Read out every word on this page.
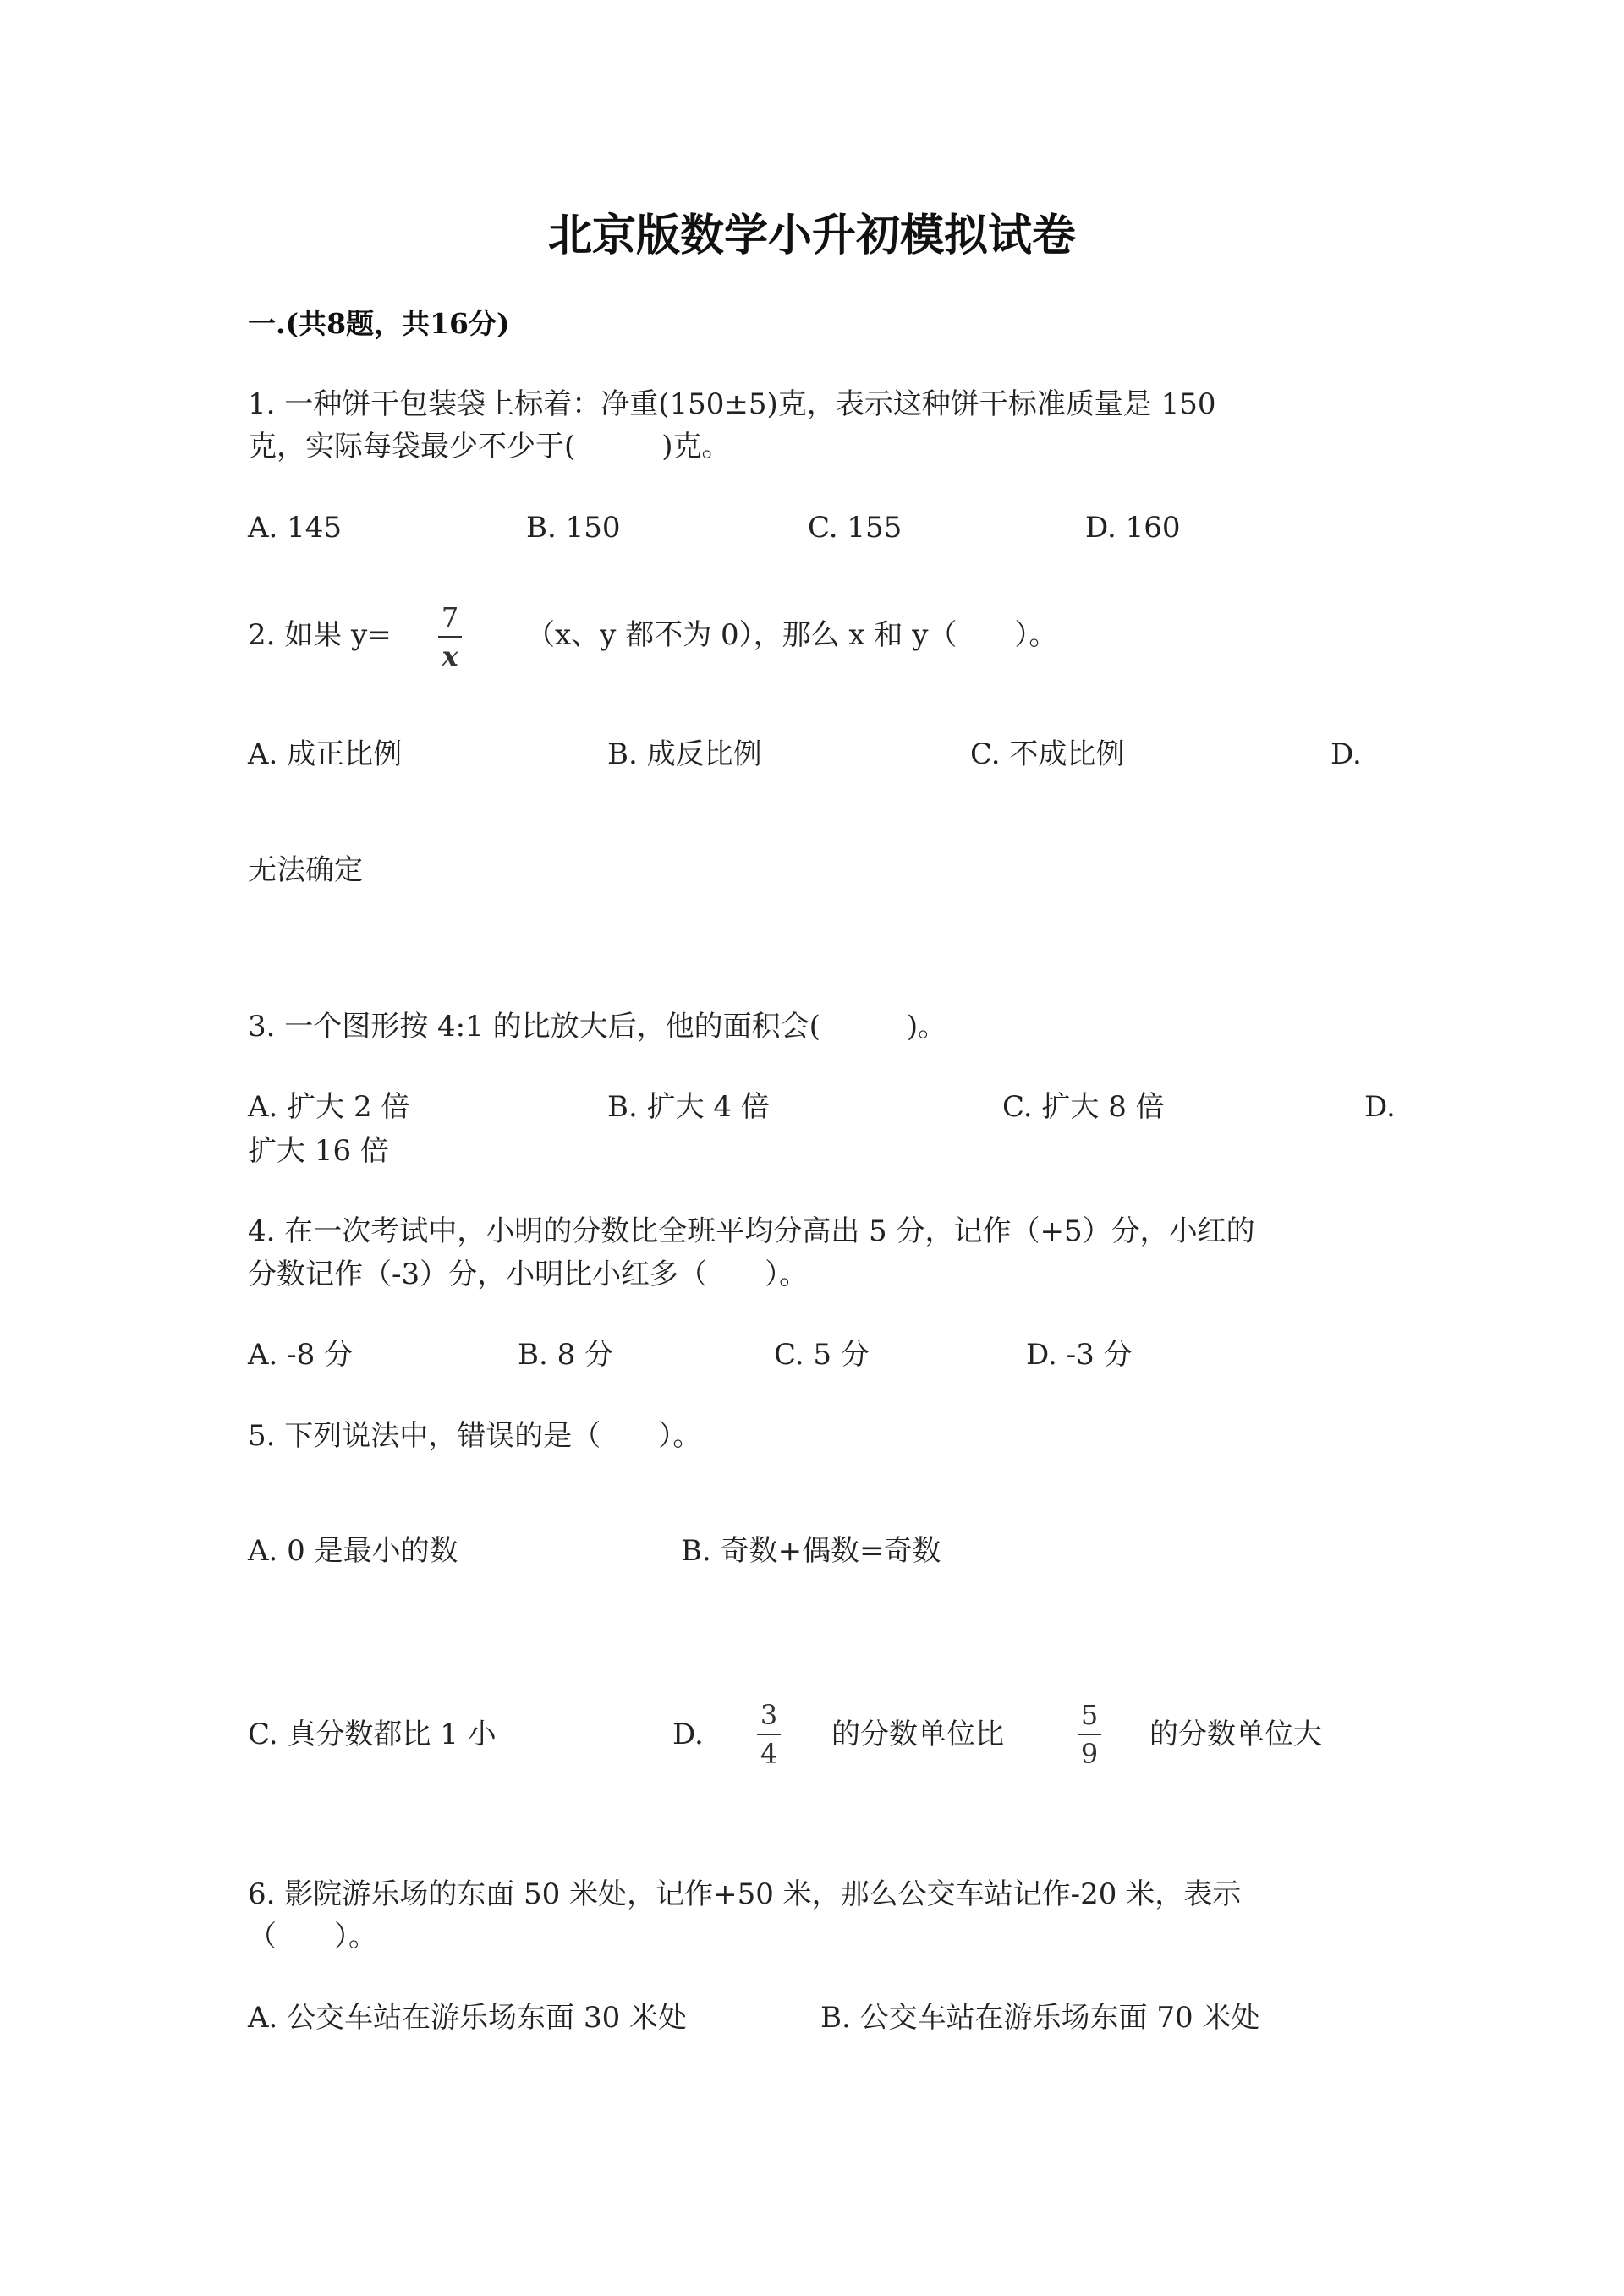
北京版数学小升初模拟试卷
一.(共8题，共16分)
1. 一种饼干包装袋上标着：净重(150±5)克，表示这种饼干标准质量是 150
克，实际每袋最少不少于(　　　)克。
A. 145	B. 150	C. 155	D. 160
2. 如果 y=
7
x
（x、y 都不为 0），那么 x 和 y（　　）。
A. 成正比例	B. 成反比例	C. 不成比例	D.
无法确定
3. 一个图形按 4:1 的比放大后，他的面积会(　　　)。
A. 扩大 2 倍	B. 扩大 4 倍	C. 扩大 8 倍	D.
扩大 16 倍
4. 在一次考试中，小明的分数比全班平均分高出 5 分，记作（+5）分，小红的
分数记作（-3）分，小明比小红多（　　）。
A. -8 分	B. 8 分	C. 5 分	D. -3 分
5. 下列说法中，错误的是（　　）。
A. 0 是最小的数	B. 奇数+偶数=奇数
C. 真分数都比 1 小	D.
3
4
的分数单位比
5
9
的分数单位大
6. 影院游乐场的东面 50 米处，记作+50 米，那么公交车站记作-20 米，表示
（　　）。
A. 公交车站在游乐场东面 30 米处	B. 公交车站在游乐场东面 70 米处
